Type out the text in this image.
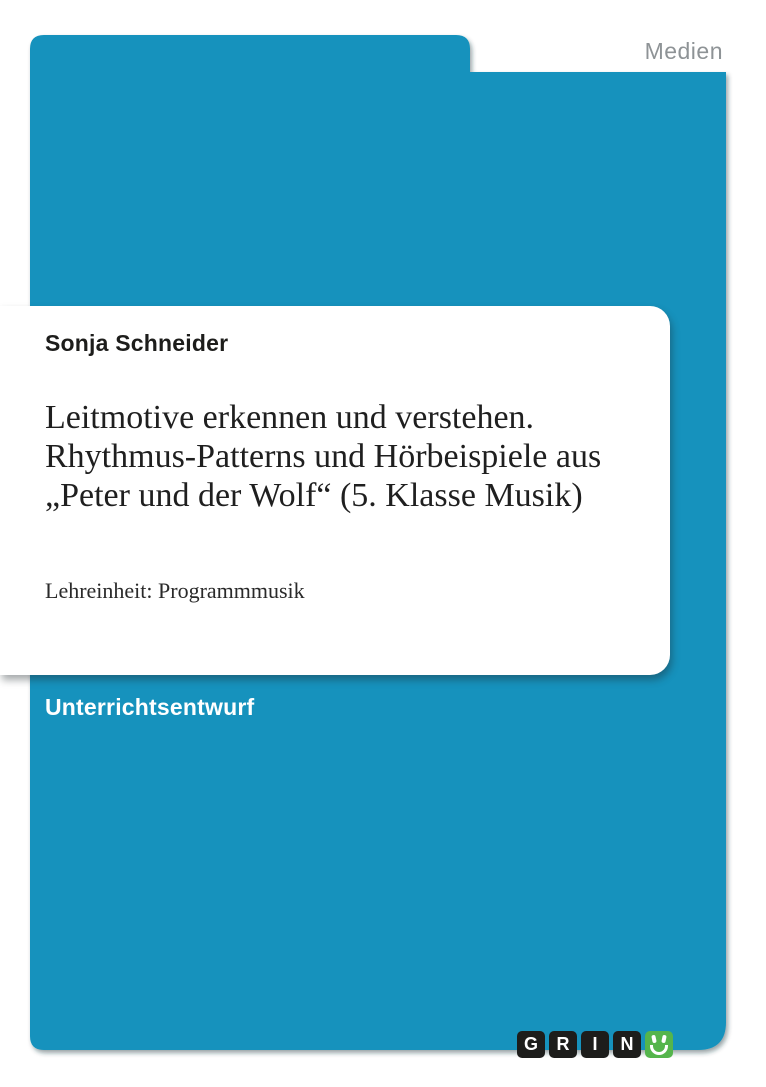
Medien
Sonja Schneider
Leitmotive erkennen und verstehen.
Rhythmus-Patterns und Hörbeispiele aus
„Peter und der Wolf“ (5. Klasse Musik)
Lehreinheit: Programmmusik
Unterrichtsentwurf
G	R	I	N
